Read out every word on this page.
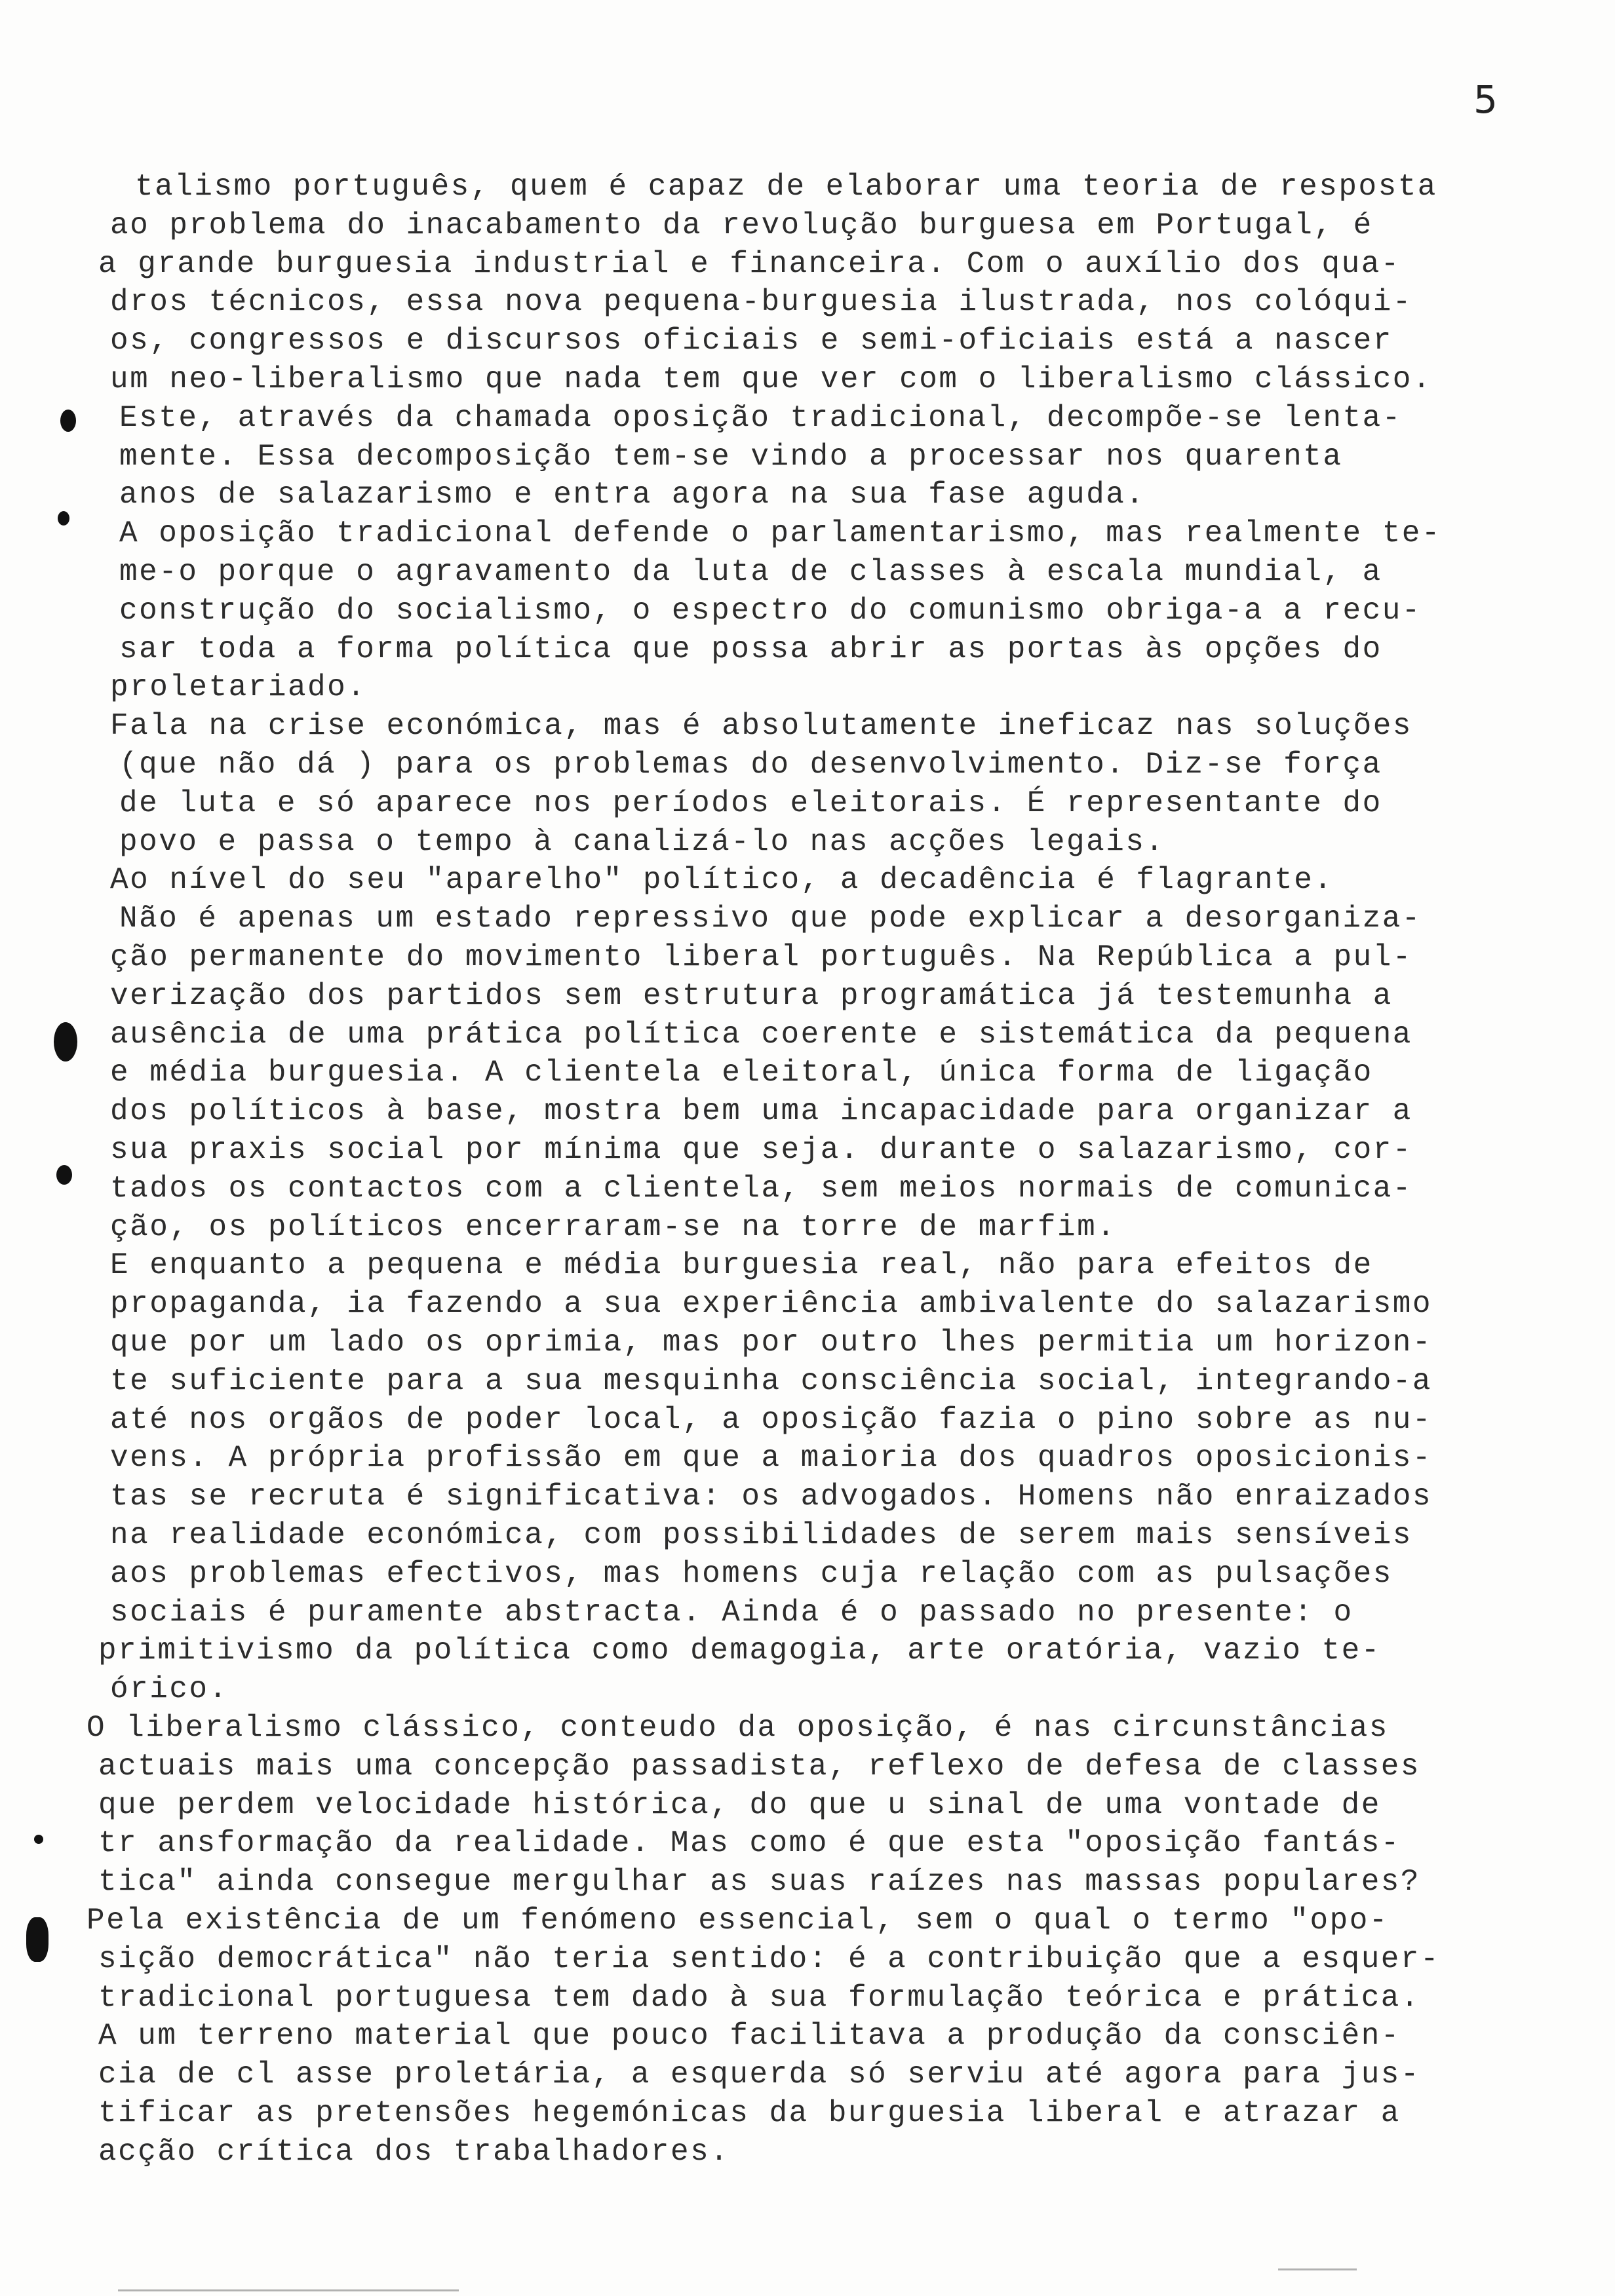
5
talismo português, quem é capaz de elaborar uma teoria de resposta
ao problema do inacabamento da revolução burguesa em Portugal, é
a grande burguesia industrial e financeira. Com o auxílio dos qua-
dros técnicos, essa nova pequena-burguesia ilustrada, nos colóqui-
os, congressos e discursos oficiais e semi-oficiais está a nascer
um neo-liberalismo que nada tem que ver com o liberalismo clássico.
Este, através da chamada oposição tradicional, decompõe-se lenta-
mente. Essa decomposição tem-se vindo a processar nos quarenta
anos de salazarismo e entra agora na sua fase aguda.
A oposição tradicional defende o parlamentarismo, mas realmente te-
me-o porque o agravamento da luta de classes à escala mundial, a
construção do socialismo, o espectro do comunismo obriga-a a recu-
sar toda a forma política que possa abrir as portas às opções do
proletariado.
Fala na crise económica, mas é absolutamente ineficaz nas soluções
(que não dá ) para os problemas do desenvolvimento. Diz-se força
de luta e só aparece nos períodos eleitorais. É representante do
povo e passa o tempo à canalizá-lo nas acções legais.
Ao nível do seu "aparelho" político, a decadência é flagrante.
Não é apenas um estado repressivo que pode explicar a desorganiza-
ção permanente do movimento liberal português. Na República a pul-
verização dos partidos sem estrutura programática já testemunha a
ausência de uma prática política coerente e sistemática da pequena
e média burguesia. A clientela eleitoral, única forma de ligação
dos políticos à base, mostra bem uma incapacidade para organizar a
sua praxis social por mínima que seja. durante o salazarismo, cor-
tados os contactos com a clientela, sem meios normais de comunica-
ção, os políticos encerraram-se na torre de marfim.
E enquanto a pequena e média burguesia real, não para efeitos de
propaganda, ia fazendo a sua experiência ambivalente do salazarismo
que por um lado os oprimia, mas por outro lhes permitia um horizon-
te suficiente para a sua mesquinha consciência social, integrando-a
até nos orgãos de poder local, a oposição fazia o pino sobre as nu-
vens. A própria profissão em que a maioria dos quadros oposicionis-
tas se recruta é significativa: os advogados. Homens não enraizados
na realidade económica, com possibilidades de serem mais sensíveis
aos problemas efectivos, mas homens cuja relação com as pulsações
sociais é puramente abstracta. Ainda é o passado no presente: o
primitivismo da política como demagogia, arte oratória, vazio te-
órico.
O liberalismo clássico, conteudo da oposição, é nas circunstâncias
actuais mais uma concepção passadista, reflexo de defesa de classes
que perdem velocidade histórica, do que u sinal de uma vontade de
tr ansformação da realidade. Mas como é que esta "oposição fantás-
tica" ainda consegue mergulhar as suas raízes nas massas populares?
Pela existência de um fenómeno essencial, sem o qual o termo "opo-
sição democrática" não teria sentido: é a contribuição que a esquer-
tradicional portuguesa tem dado à sua formulação teórica e prática.
A um terreno material que pouco facilitava a produção da consciên-
cia de cl asse proletária, a esquerda só serviu até agora para jus-
tificar as pretensões hegemónicas da burguesia liberal e atrazar a
acção crítica dos trabalhadores.
